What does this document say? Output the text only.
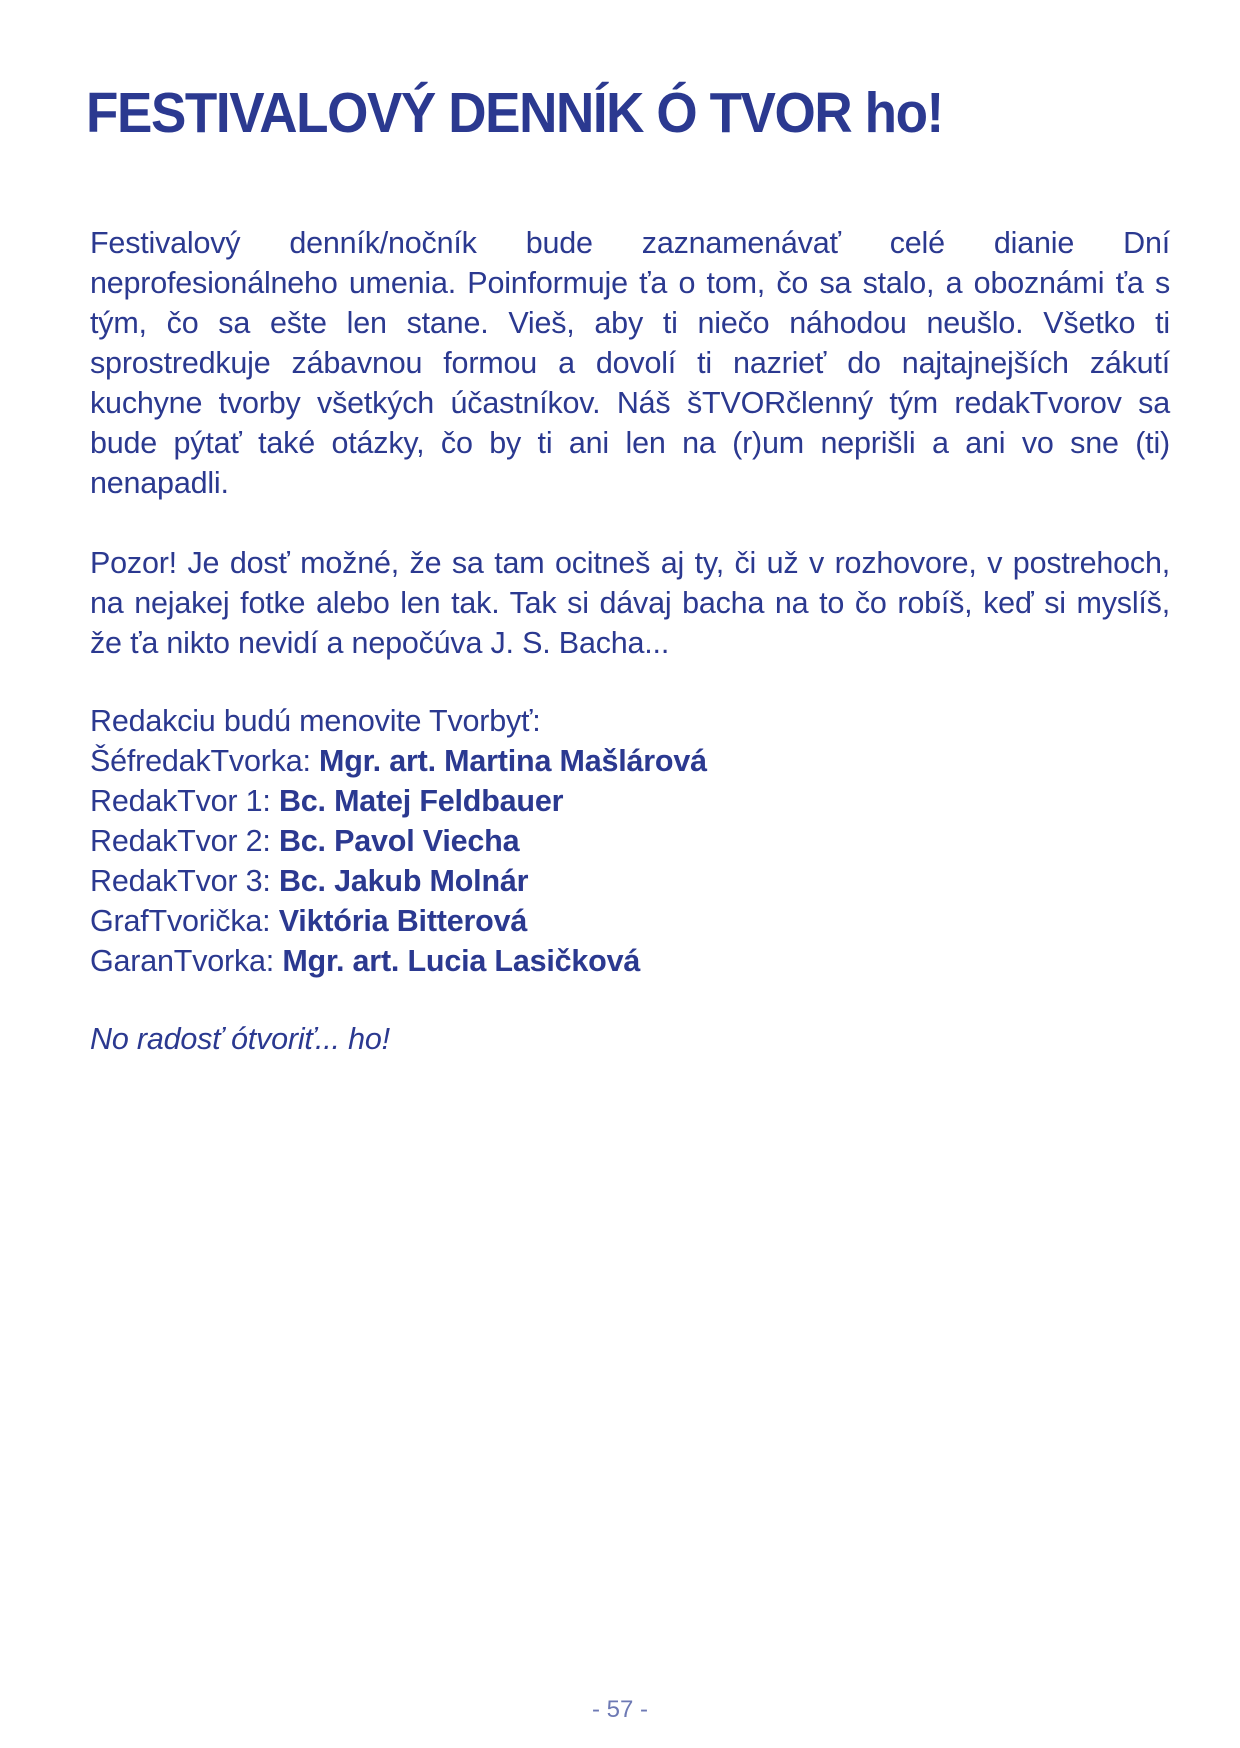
FESTIVALOVÝ DENNÍK Ó TVOR ho!

Festivalový denník/nočník bude zaznamenávať celé dianie Dní neprofesionálneho umenia. Poinformuje ťa o tom, čo sa stalo, a oboznámi ťa s tým, čo sa ešte len stane. Vieš, aby ti niečo náhodou neušlo. Všetko ti sprostredkuje zábavnou formou a dovolí ti nazrieť do najtajnejších zákutí kuchyne tvorby všetkých účastníkov. Náš šTVORčlenný tým redakTvorov sa bude pýtať také otázky, čo by ti ani len na (r)um neprišli a ani vo sne (ti) nenapadli.

Pozor! Je dosť možné, že sa tam ocitneš aj ty, či už v rozhovore, v postrehoch, na nejakej fotke alebo len tak. Tak si dávaj bacha na to čo robíš, keď si myslíš, že ťa nikto nevidí a nepočúva J. S. Bacha...

Redakciu budú menovite Tvorbyť:

ŠéfredakTvorka: Mgr. art. Martina Mašlárová

RedakTvor 1: Bc. Matej Feldbauer

RedakTvor 2: Bc. Pavol Viecha

RedakTvor 3: Bc. Jakub Molnár

GrafTvorička: Viktória Bitterová

GaranTvorka: Mgr. art. Lucia Lasičková

No radosť ótvoriť... ho!

- 57 -
